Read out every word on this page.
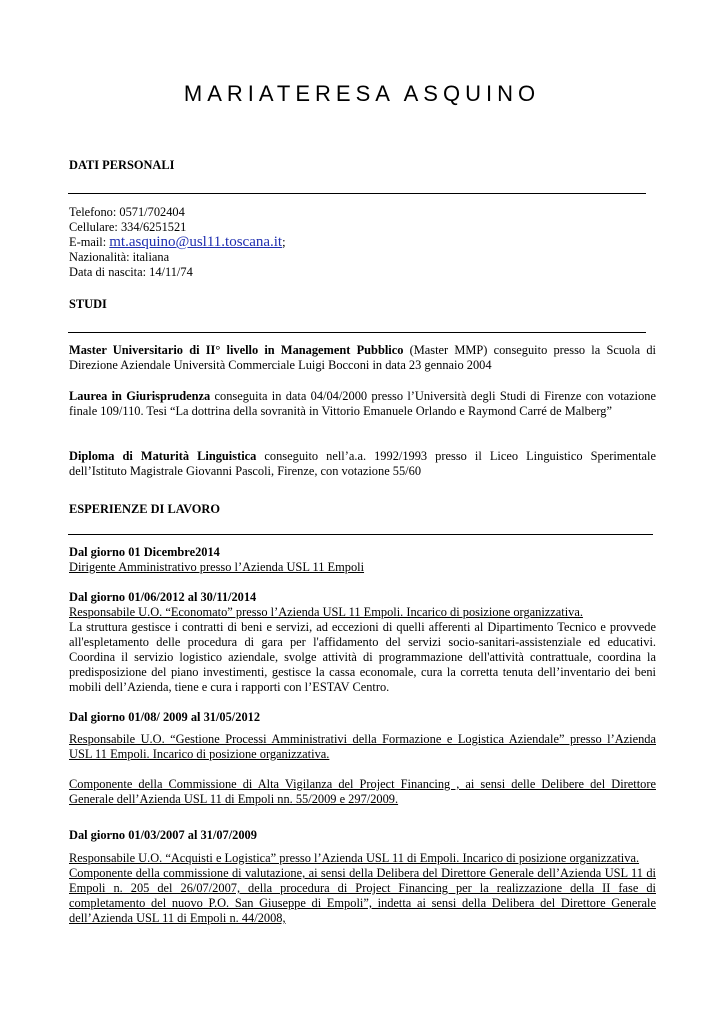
MARIATERESA ASQUINO
DATI PERSONALI
Telefono: 0571/702404
Cellulare: 334/6251521
E-mail: mt.asquino@usl11.toscana.it;
Nazionalità: italiana
Data di nascita: 14/11/74
STUDI

Master Universitario di II° livello in Management Pubblico (Master MMP) conseguito presso la Scuola di Direzione Aziendale Università Commerciale Luigi Bocconi in data 23 gennaio 2004

Laurea in Giurisprudenza conseguita in data 04/04/2000 presso l’Università degli Studi di Firenze con votazione finale 109/110. Tesi “La dottrina della sovranità in Vittorio Emanuele Orlando e Raymond Carré de Malberg”

Diploma di Maturità Linguistica conseguito nell’a.a. 1992/1993 presso il Liceo Linguistico Sperimentale dell’Istituto Magistrale Giovanni Pascoli, Firenze, con votazione 55/60

ESPERIENZE DI LAVORO
Dal giorno 01 Dicembre2014
Dirigente Amministrativo presso l’Azienda USL 11 Empoli
Dal giorno 01/06/2012 al 30/11/2014
Responsabile U.O. “Economato” presso l’Azienda USL 11 Empoli. Incarico di posizione organizzativa.

La struttura gestisce i contratti di beni e servizi, ad eccezioni di quelli afferenti al Dipartimento Tecnico e provvede all'espletamento delle procedura di gara per l'affidamento del servizi socio-sanitari-assistenziale ed educativi. Coordina il servizio logistico aziendale, svolge attività di programmazione dell'attività contrattuale, coordina la predisposizione del piano investimenti, gestisce la cassa economale, cura la corretta tenuta dell’inventario dei beni mobili dell’Azienda, tiene e cura i rapporti con l’ESTAV Centro.

Dal giorno 01/08/ 2009 al 31/05/2012

Responsabile U.O. “Gestione Processi Amministrativi della Formazione e Logistica Aziendale” presso l’Azienda USL 11 Empoli. Incarico di posizione organizzativa.

Componente della Commissione di Alta Vigilanza del Project Financing , ai sensi delle Delibere del Direttore Generale dell’Azienda USL 11 di Empoli nn. 55/2009 e 297/2009.

Dal giorno 01/03/2007 al 31/07/2009

Responsabile U.O. “Acquisti e Logistica” presso l’Azienda USL 11 di Empoli. Incarico di posizione organizzativa.

Componente della commissione di valutazione, ai sensi della Delibera del Direttore Generale dell’Azienda USL 11 di Empoli n. 205 del 26/07/2007, della procedura di Project Financing per la realizzazione della II fase di completamento del nuovo P.O. San Giuseppe di Empoli”, indetta ai sensi della Delibera del Direttore Generale dell’Azienda USL 11 di Empoli n. 44/2008,
